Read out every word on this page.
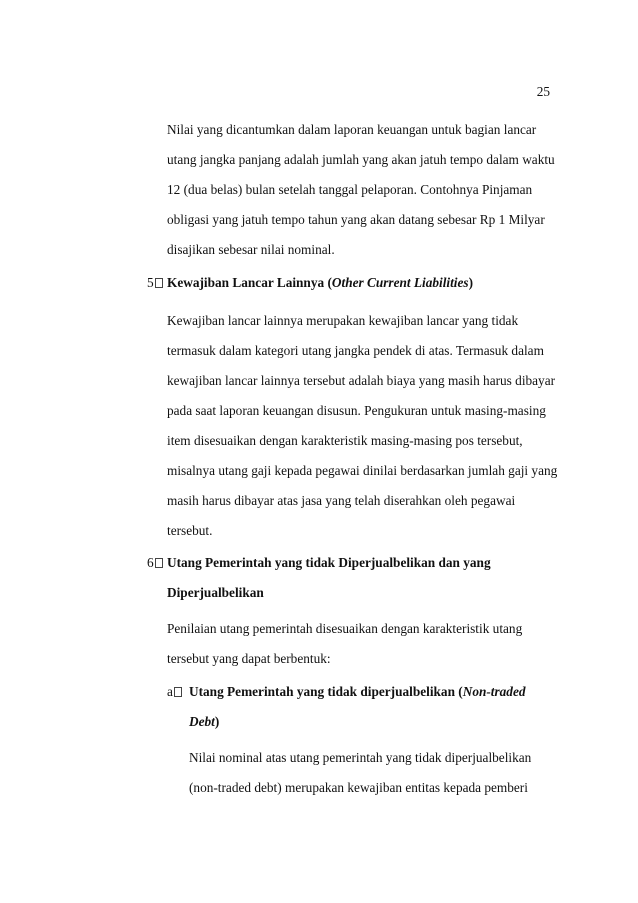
25
Nilai yang dicantumkan dalam laporan keuangan untuk bagian lancar
utang jangka panjang adalah jumlah yang akan jatuh tempo dalam waktu
12 (dua belas) bulan setelah tanggal pelaporan. Contohnya Pinjaman
obligasi yang jatuh tempo tahun yang akan datang sebesar Rp 1 Milyar
disajikan sebesar nilai nominal.
5	Kewajiban Lancar Lainnya (Other Current Liabilities)
Kewajiban lancar lainnya merupakan kewajiban lancar yang tidak
termasuk dalam kategori utang jangka pendek di atas. Termasuk dalam
kewajiban lancar lainnya tersebut adalah biaya yang masih harus dibayar
pada saat laporan keuangan disusun. Pengukuran untuk masing-masing
item disesuaikan dengan karakteristik masing-masing pos tersebut,
misalnya utang gaji kepada pegawai dinilai berdasarkan jumlah gaji yang
masih harus dibayar atas jasa yang telah diserahkan oleh pegawai
tersebut.
6	Utang Pemerintah yang tidak Diperjualbelikan dan yang
Diperjualbelikan
Penilaian utang pemerintah disesuaikan dengan karakteristik utang
tersebut yang dapat berbentuk:
a	Utang Pemerintah yang tidak diperjualbelikan (Non-traded
Debt)
Nilai nominal atas utang pemerintah yang tidak diperjualbelikan
(non-traded debt) merupakan kewajiban entitas kepada pemberi
